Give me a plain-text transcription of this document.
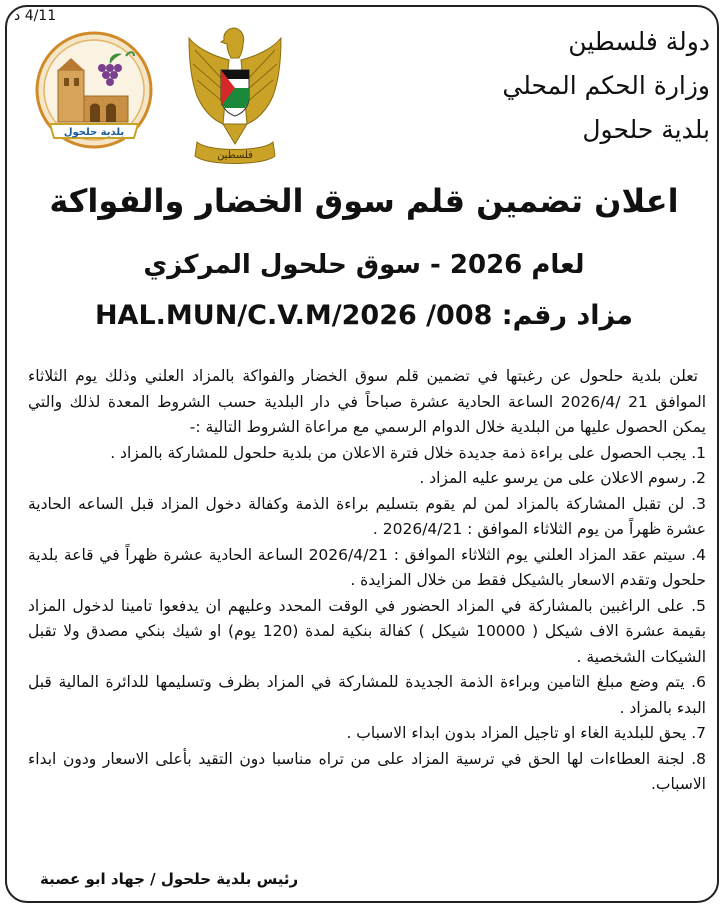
4/11 د
دولة فلسطين
وزارة الحكم المحلي
بلدية حلحول
فلسطين
بلدية حلحول
اعلان تضمين قلم سوق الخضار والفواكة
لعام 2026 - سوق حلحول المركزي
مزاد رقم: HAL.MUN/C.V.M/2026 /008

تعلن بلدية حلحول عن رغبتها في تضمين قلم سوق الخضار والفواكة بالمزاد العلني وذلك يوم الثلاثاء الموافق 21 /2026/4 الساعة الحادية عشرة صباحاً في دار البلدية حسب الشروط المعدة لذلك والتي يمكن الحصول عليها من البلدية خلال الدوام الرسمي مع مراعاة الشروط التالية :-

1. يجب الحصول على براءة ذمة جديدة خلال فترة الاعلان من بلدية حلحول للمشاركة بالمزاد .

2. رسوم الاعلان على من يرسو عليه المزاد .

3. لن تقبل المشاركة بالمزاد لمن لم يقوم بتسليم براءة الذمة وكفالة دخول المزاد قبل الساعه الحادية عشرة ظهراً من يوم الثلاثاء الموافق : 2026/4/21 .

4. سيتم عقد المزاد العلني يوم الثلاثاء الموافق : 2026/4/21 الساعة الحادية عشرة ظهراً في قاعة بلدية حلحول وتقدم الاسعار بالشيكل فقط من خلال المزايدة .

5. على الراغبين بالمشاركة في المزاد الحضور في الوقت المحدد وعليهم ان يدفعوا تامينا لدخول المزاد بقيمة عشرة الاف شيكل ( 10000 شيكل ) كفالة بنكية لمدة (120 يوم) او شيك بنكي مصدق ولا تقبل الشيكات الشخصية .

6. يتم وضع مبلغ التامين وبراءة الذمة الجديدة للمشاركة في المزاد بظرف وتسليمها للدائرة المالية قبل البدء بالمزاد .

7. يحق للبلدية الغاء او تاجيل المزاد بدون ابداء الاسباب .

8. لجنة العطاءات لها الحق في ترسية المزاد على من تراه مناسبا دون التقيد بأعلى الاسعار ودون ابداء الاسباب.

رئيس بلدية حلحول / جهاد ابو عصبة
